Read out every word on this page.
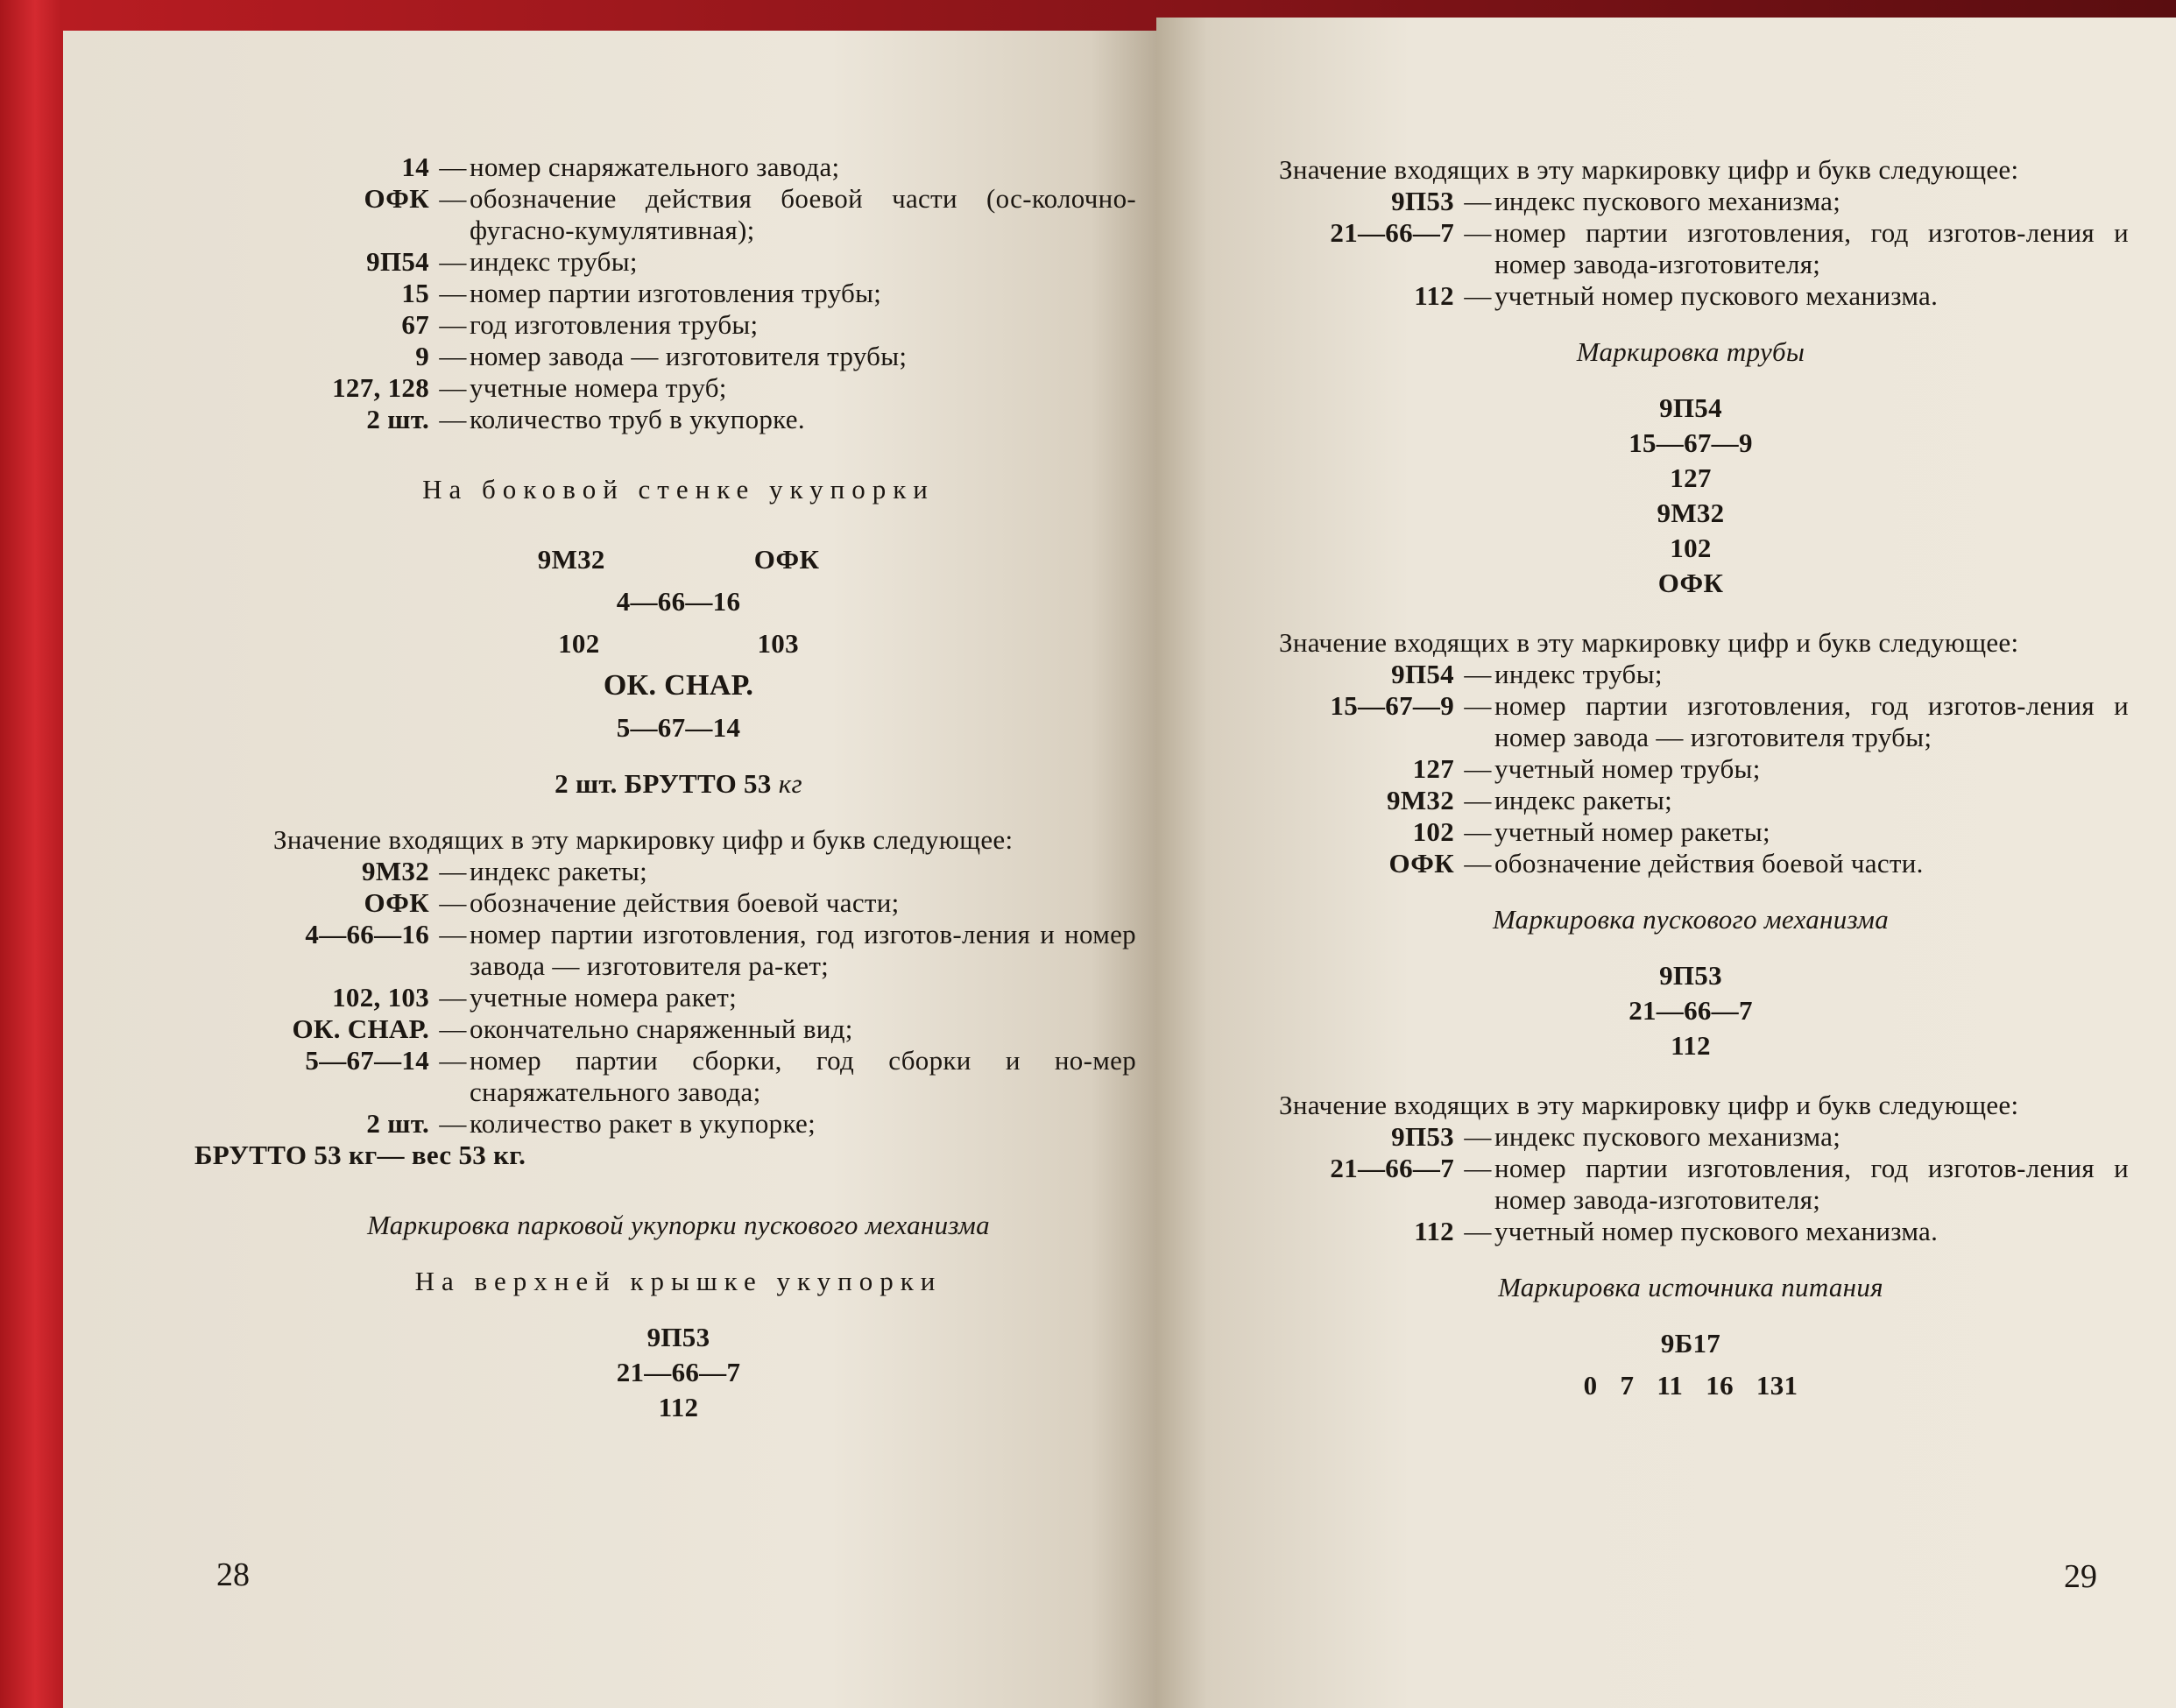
14 — номер снаряжательного завода;
ОФК — обозначение действия боевой части (ос-колочно-фугасно-кумулятивная);
9П54 — индекс трубы;
15 — номер партии изготовления трубы;
67 — год изготовления трубы;
9 — номер завода — изготовителя трубы;
127, 128 — учетные номера труб;
2 шт. — количество труб в укупорке.
На боковой стенке укупорки
9М32	ОФК
4—66—16
102	103
ОК. СНАР.
5—67—14
2 шт. БРУТТО 53 кг
Значение входящих в эту маркировку цифр и букв следующее:
9М32 — индекс ракеты;
ОФК — обозначение действия боевой части;
4—66—16 — номер партии изготовления, год изготов-ления и номер завода — изготовителя ра-кет;
102, 103 — учетные номера ракет;
ОК. СНАР. — окончательно снаряженный вид;
5—67—14 — номер партии сборки, год сборки и но-мер снаряжательного завода;
2 шт. — количество ракет в укупорке;
БРУТТО 53 кг— вес 53 кг.
Маркировка парковой укупорки пускового механизма
На верхней крышке укупорки
9П53
21—66—7
112
28
Значение входящих в эту маркировку цифр и букв следующее:
9П53 — индекс пускового механизма;
21—66—7 — номер партии изготовления, год изготов-ления и номер завода-изготовителя;
112 — учетный номер пускового механизма.
Маркировка трубы
9П54
15—67—9
127
9М32
102
ОФК
Значение входящих в эту маркировку цифр и букв следующее:
9П54 — индекс трубы;
15—67—9 — номер партии изготовления, год изготов-ления и номер завода — изготовителя трубы;
127 — учетный номер трубы;
9М32 — индекс ракеты;
102 — учетный номер ракеты;
ОФК — обозначение действия боевой части.
Маркировка пускового механизма
9П53
21—66—7
112
Значение входящих в эту маркировку цифр и букв следующее:
9П53 — индекс пускового механизма;
21—66—7 — номер партии изготовления, год изготов-ления и номер завода-изготовителя;
112 — учетный номер пускового механизма.
Маркировка источника питания
9Б17
0 7 11 16 131
29
